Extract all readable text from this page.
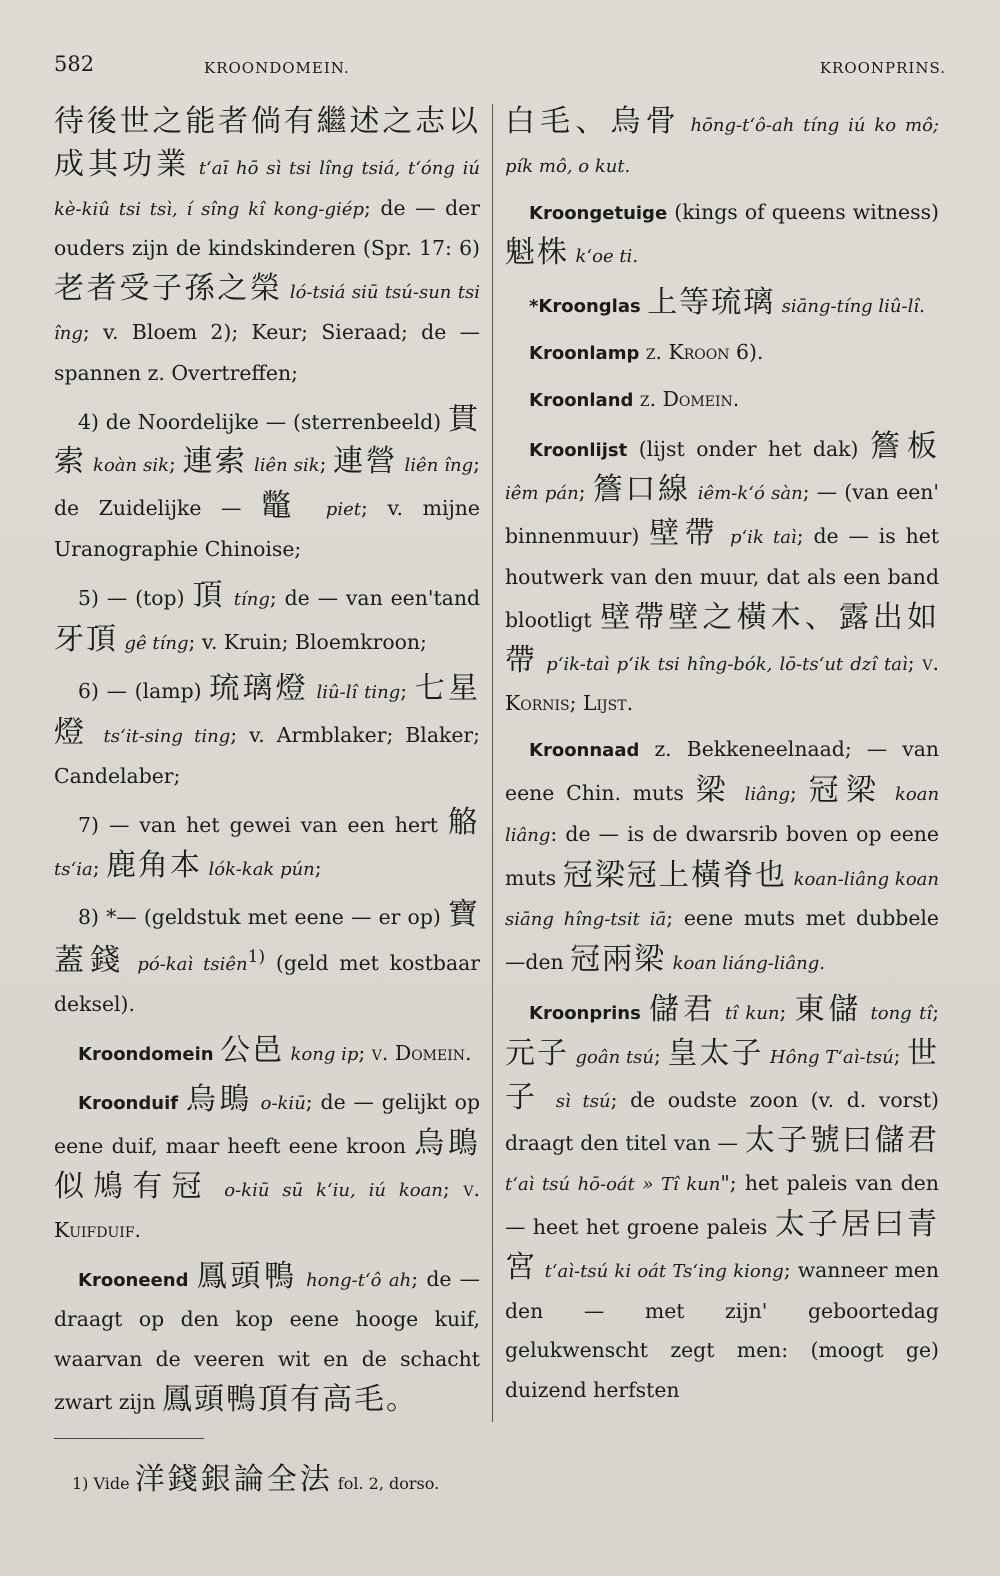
582	KROONDOMEIN.	KROONPRINS.

待後世之能者倘有繼述之志以成其功業 t‘aī hō sì tsi lîng tsiá, t‘óng iú kè-kiû tsi tsì, í sîng kî kong-giép; de — der ouders zijn de kindskinderen (Spr. 17: 6) 老者受子孫之榮 ló-tsiá siū tsú-sun tsi îng; v. Bloem 2); Keur; Sieraad; de — spannen z. Overtreffen;

4) de Noordelijke — (sterrenbeeld) 貫索 koàn sik; 連索 liên sik; 連營 liên îng; de Zuidelijke — 鼈 piet; v. mijne Uranographie Chinoise;

5) — (top) 頂 tíng; de — van een'tand 牙頂 gê tíng; v. Kruin; Bloemkroon;

6) — (lamp) 琉璃燈 liû-lî ting; 七星燈 ts‘it-sing ting; v. Armblaker; Blaker; Candelaber;

7) — van het gewei van een hert 觡 ts‘ia; 鹿角本 lók-kak pún;

8) *— (geldstuk met eene — er op) 寶蓋錢 pó-kaì tsiên$^{1)}$ (geld met kostbaar deksel).

Kroondomein 公邑 kong ip; v. Domein.

Kroonduif 烏鴡 o-kiū; de — gelijkt op eene duif, maar heeft eene kroon 烏鴡似鳩有冠 o-kiū sū k‘iu, iú koan; v. Kuifduif.

Krooneend 鳳頭鴨 hong-t‘ô ah; de — draagt op den kop eene hooge kuif, waarvan de veeren wit en de schacht zwart zijn 鳳頭鴨頂有高毛。

白毛、烏骨 hōng-t‘ô-ah tíng iú ko mô; pík mô, o kut.

Kroongetuige (kings of queens witness) 魁株 k‘oe ti.

*Kroonglas 上等琉璃 siāng-tíng liû-lî.

Kroonlamp z. Kroon 6).

Kroonland z. Domein.

Kroonlijst (lijst onder het dak) 簷板 iêm pán; 簷口線 iêm-k‘ó sàn; — (van een' binnenmuur) 壁帶 p‘ik taì; de — is het houtwerk van den muur, dat als een band blootligt 壁帶壁之橫木、露出如帶 p‘ik-taì p‘ik tsi hîng-bók, lō-ts‘ut dzî taì; v. Kornis; Lijst.

Kroonnaad z. Bekkeneelnaad; — van eene Chin. muts 梁 liâng; 冠梁 koan liâng: de — is de dwarsrib boven op eene muts 冠梁冠上橫脊也 koan-liâng koan siāng hîng-tsit iā; eene muts met dubbele —den 冠兩梁 koan liáng-liâng.

Kroonprins 儲君 tî kun; 東儲 tong tî; 元子 goân tsú; 皇太子 Hông T‘aì-tsú; 世子 sì tsú; de oudste zoon (v. d. vorst) draagt den titel van — 太子號曰儲君 t‘aì tsú hō-oát » Tî kun"; het paleis van den — heet het groene paleis 太子居曰青宮 t‘aì-tsú ki oát Ts‘ing kiong; wanneer men den — met zijn' geboortedag gelukwenscht zegt men: (moogt ge) duizend herfsten

1) Vide 洋錢銀論全法 fol. 2, dorso.
